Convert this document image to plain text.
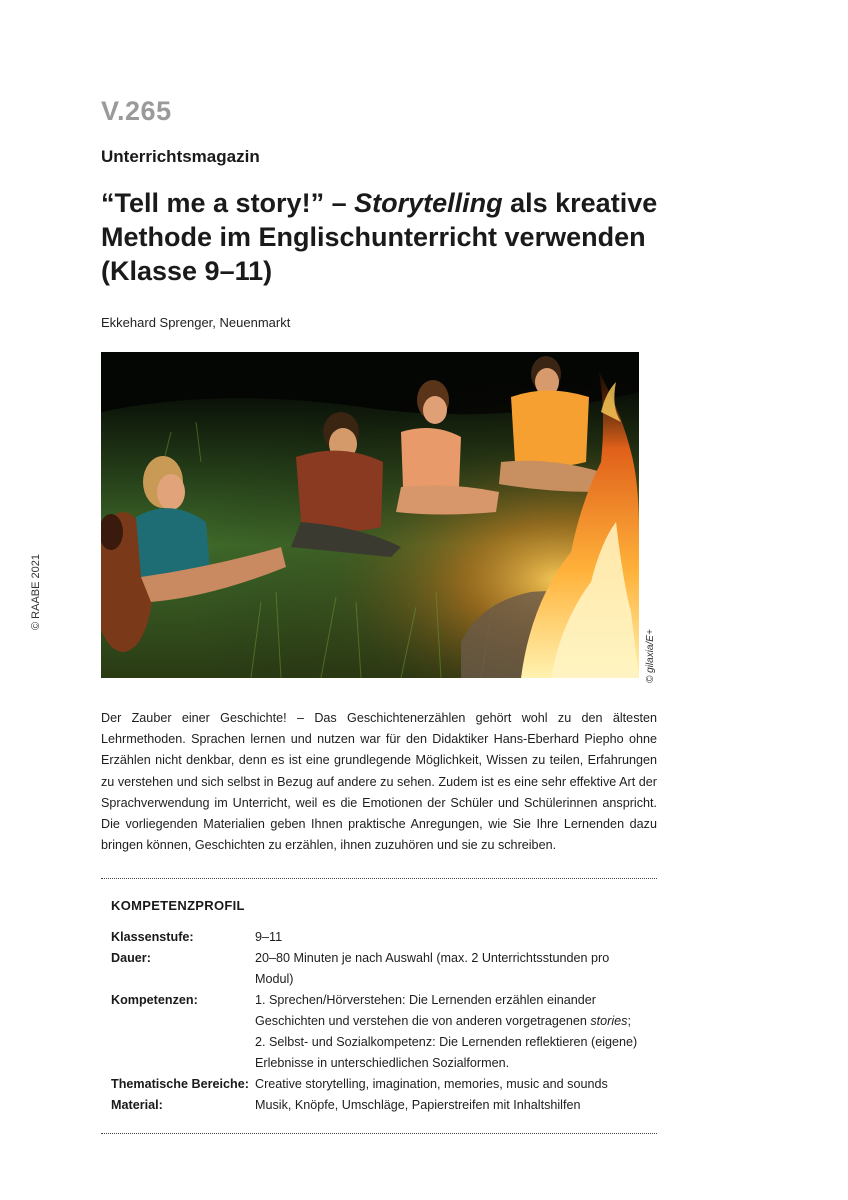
V.265
Unterrichtsmagazin
“Tell me a story!” – Storytelling als kreative Methode im Englischunterricht verwenden (Klasse 9–11)
Ekkehard Sprenger, Neuenmarkt
© RAABE 2021
© gilaxia/E+

Der Zauber einer Geschichte! – Das Geschichtenerzählen gehört wohl zu den ältesten Lehrmethoden. Sprachen lernen und nutzen war für den Didaktiker Hans-Eberhard Piepho ohne Erzählen nicht denkbar, denn es ist eine grundlegende Möglichkeit, Wissen zu teilen, Erfahrungen zu verstehen und sich selbst in Bezug auf andere zu sehen. Zudem ist es eine sehr effektive Art der Sprachverwendung im Unterricht, weil es die Emotionen der Schüler und Schülerinnen anspricht. Die vorliegenden Materialien geben Ihnen praktische Anregungen, wie Sie Ihre Lernenden dazu bringen können, Geschichten zu erzählen, ihnen zuzuhören und sie zu schreiben.

KOMPETENZPROFIL
Klassenstufe:	9–11
Dauer:	20–80 Minuten je nach Auswahl (max. 2 Unterrichtsstunden pro Modul)
Kompetenzen:	1. Sprechen/Hörverstehen: Die Lernenden erzählen einander Geschichten und verstehen die von anderen vorgetragenen stories;
2. Selbst- und Sozialkompetenz: Die Lernenden reflektieren (eigene) Erlebnisse in unterschiedlichen Sozialformen.
Thematische Bereiche: Creative storytelling, imagination, memories, music and sounds
Material:	Musik, Knöpfe, Umschläge, Papierstreifen mit Inhaltshilfen
